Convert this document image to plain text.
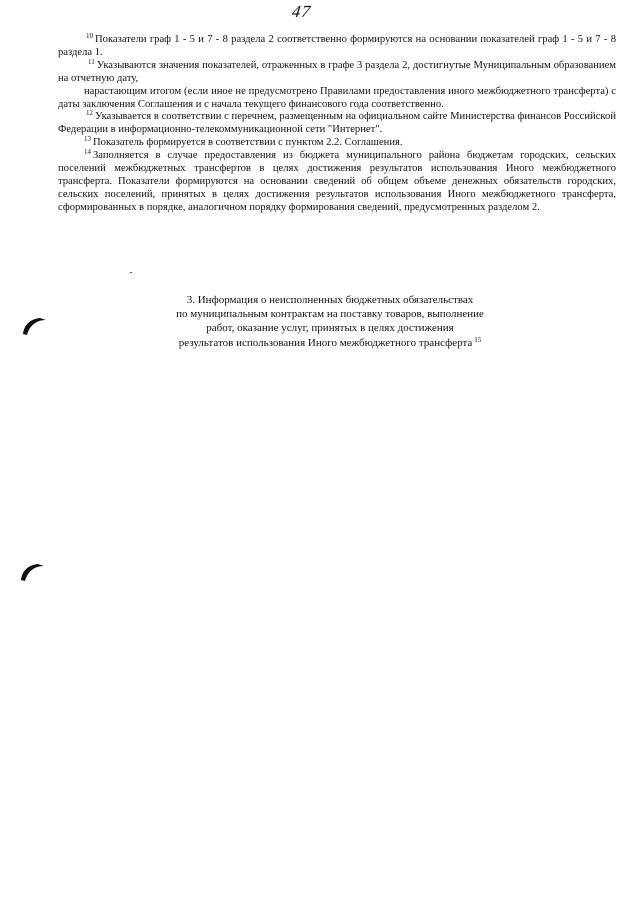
47

$^{10}$ Показатели граф 1 - 5 и 7 - 8 раздела 2 соответственно формируются на основании показателей граф 1 - 5 и 7 - 8 раздела 1.

$^{11}$ Указываются значения показателей, отраженных в графе 3 раздела 2, достигнутые Муниципальным образованием на отчетную дату,

нарастающим итогом (если иное не предусмотрено Правилами предоставления иного межбюджетного трансферта) с даты заключения Соглашения и с начала текущего финансового года соответственно.

$^{12}$ Указывается в соответствии с перечнем, размещенным на официальном сайте Министерства финансов Российской Федерации в информационно-телекоммуникационной сети "Интернет".

$^{13}$ Показатель формируется в соответствии с пунктом 2.2. Соглашения.

$^{14}$ Заполняется в случае предоставления из бюджета муниципального района бюджетам городских, сельских поселений межбюджетных трансфертов в целях достижения результатов использования Иного межбюджетного трансферта. Показатели формируются на основании сведений об общем объеме денежных обязательств городских, сельских поселений, принятых в целях достижения результатов использования Иного межбюджетного трансферта, сформированных в порядке, аналогичном порядку формирования сведений, предусмотренных разделом 2.

3. Информация о неисполненных бюджетных обязательствах

по муниципальным контрактам на поставку товаров, выполнение

работ, оказание услуг, принятых в целях достижения

результатов использования Иного межбюджетного трансферта $^{15}$
